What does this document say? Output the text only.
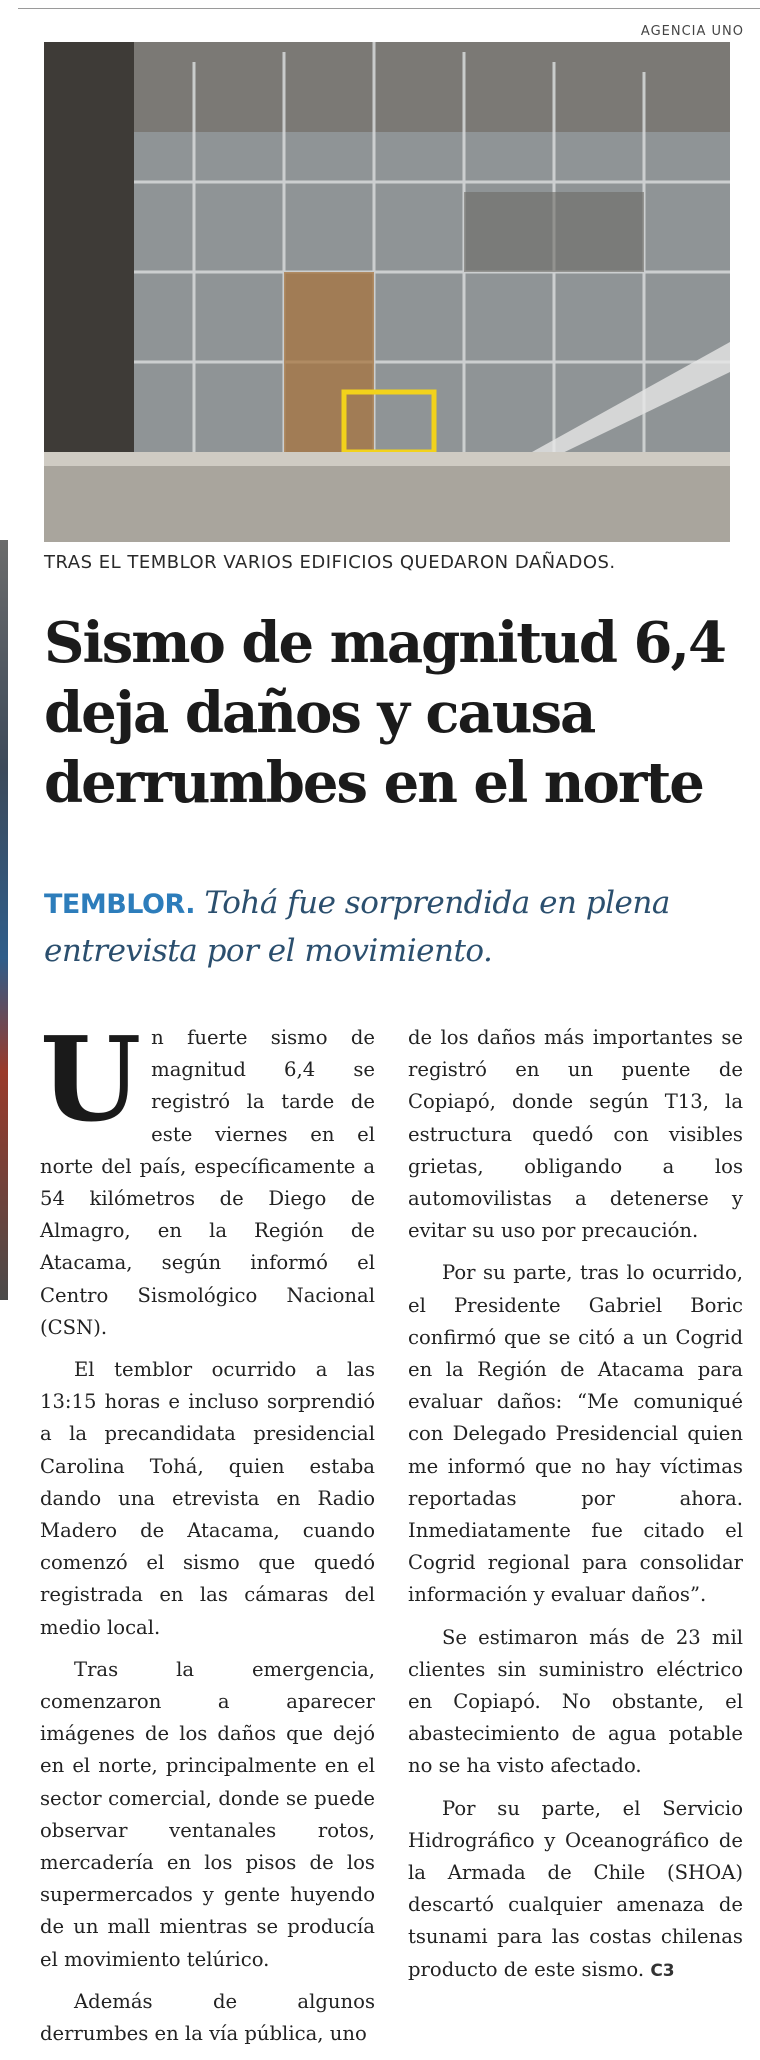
AGENCIA UNO
TRAS EL TEMBLOR VARIOS EDIFICIOS QUEDARON DAÑADOS.
Sismo de magnitud 6,4
deja daños y causa
derrumbes en el norte
TEMBLOR. Tohá fue sorprendida en plena entrevista por el movimiento.

Un fuerte sismo de magnitud 6,4 se registró la tarde de este viernes en el norte del país, específicamente a 54 kilómetros de Diego de Almagro, en la Región de Atacama, según informó el Centro Sismológico Nacional (CSN).

El temblor ocurrido a las 13:15 horas e incluso sorprendió a la precandidata presidencial Carolina Tohá, quien estaba dando una etrevista en Radio Madero de Atacama, cuando comenzó el sismo que quedó registrada en las cámaras del medio local.

Tras la emergencia, comenzaron a aparecer imágenes de los daños que dejó en el norte, principalmente en el sector comercial, donde se puede observar ventanales rotos, mercadería en los pisos de los supermercados y gente huyendo de un mall mientras se producía el movimiento telúrico.

Además de algunos derrumbes en la vía pública, uno

de los daños más importantes se registró en un puente de Copiapó, donde según T13, la estructura quedó con visibles grietas, obligando a los automovilistas a detenerse y evitar su uso por precaución.

Por su parte, tras lo ocurrido, el Presidente Gabriel Boric confirmó que se citó a un Cogrid en la Región de Atacama para evaluar daños: “Me comuniqué con Delegado Presidencial quien me informó que no hay víctimas reportadas por ahora. Inmediatamente fue citado el Cogrid regional para consolidar información y evaluar daños”.

Se estimaron más de 23 mil clientes sin suministro eléctrico en Copiapó. No obstante, el abastecimiento de agua potable no se ha visto afectado.

Por su parte, el Servicio Hidrográfico y Oceanográfico de la Armada de Chile (SHOA) descartó cualquier amenaza de tsunami para las costas chilenas producto de este sismo. C3
